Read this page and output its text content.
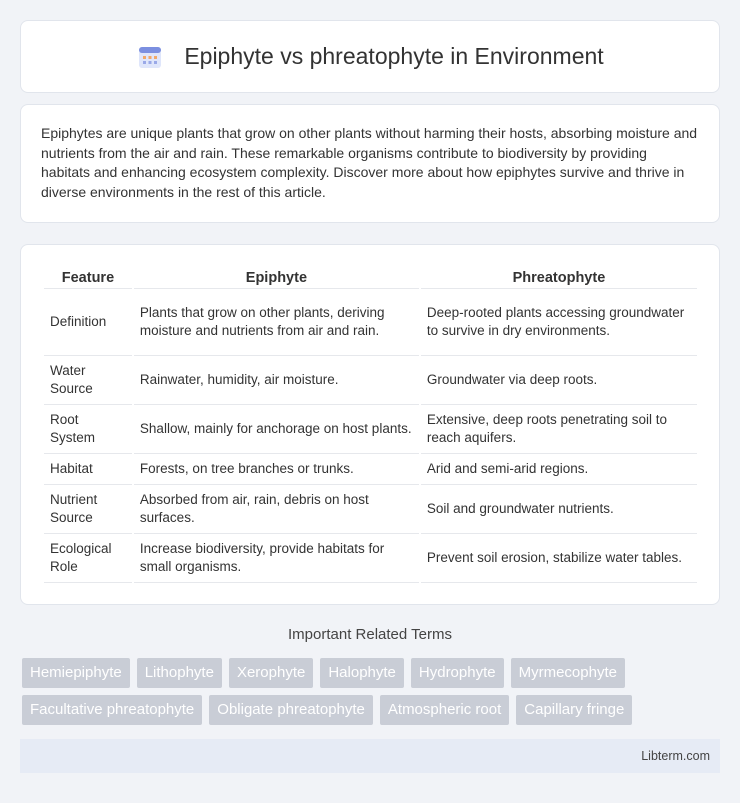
Epiphyte vs phreatophyte in Environment

Epiphytes are unique plants that grow on other plants without harming their hosts, absorbing moisture and nutrients from the air and rain. These remarkable organisms contribute to biodiversity by providing habitats and enhancing ecosystem complexity. Discover more about how epiphytes survive and thrive in diverse environments in the rest of this article.

Feature	Epiphyte	Phreatophyte
Definition	Plants that grow on other plants, deriving moisture and nutrients from air and rain.	Deep-rooted plants accessing groundwater to survive in dry environments.
Water Source	Rainwater, humidity, air moisture.	Groundwater via deep roots.
Root System	Shallow, mainly for anchorage on host plants.	Extensive, deep roots penetrating soil to reach aquifers.
Habitat	Forests, on tree branches or trunks.	Arid and semi-arid regions.
Nutrient Source	Absorbed from air, rain, debris on host surfaces.	Soil and groundwater nutrients.
Ecological Role	Increase biodiversity, provide habitats for small organisms.	Prevent soil erosion, stabilize water tables.
Important Related Terms
Hemiepiphyte	Lithophyte	Xerophyte	Halophyte	Hydrophyte	Myrmecophyte
Facultative phreatophyte	Obligate phreatophyte	Atmospheric root	Capillary fringe
Libterm.com
